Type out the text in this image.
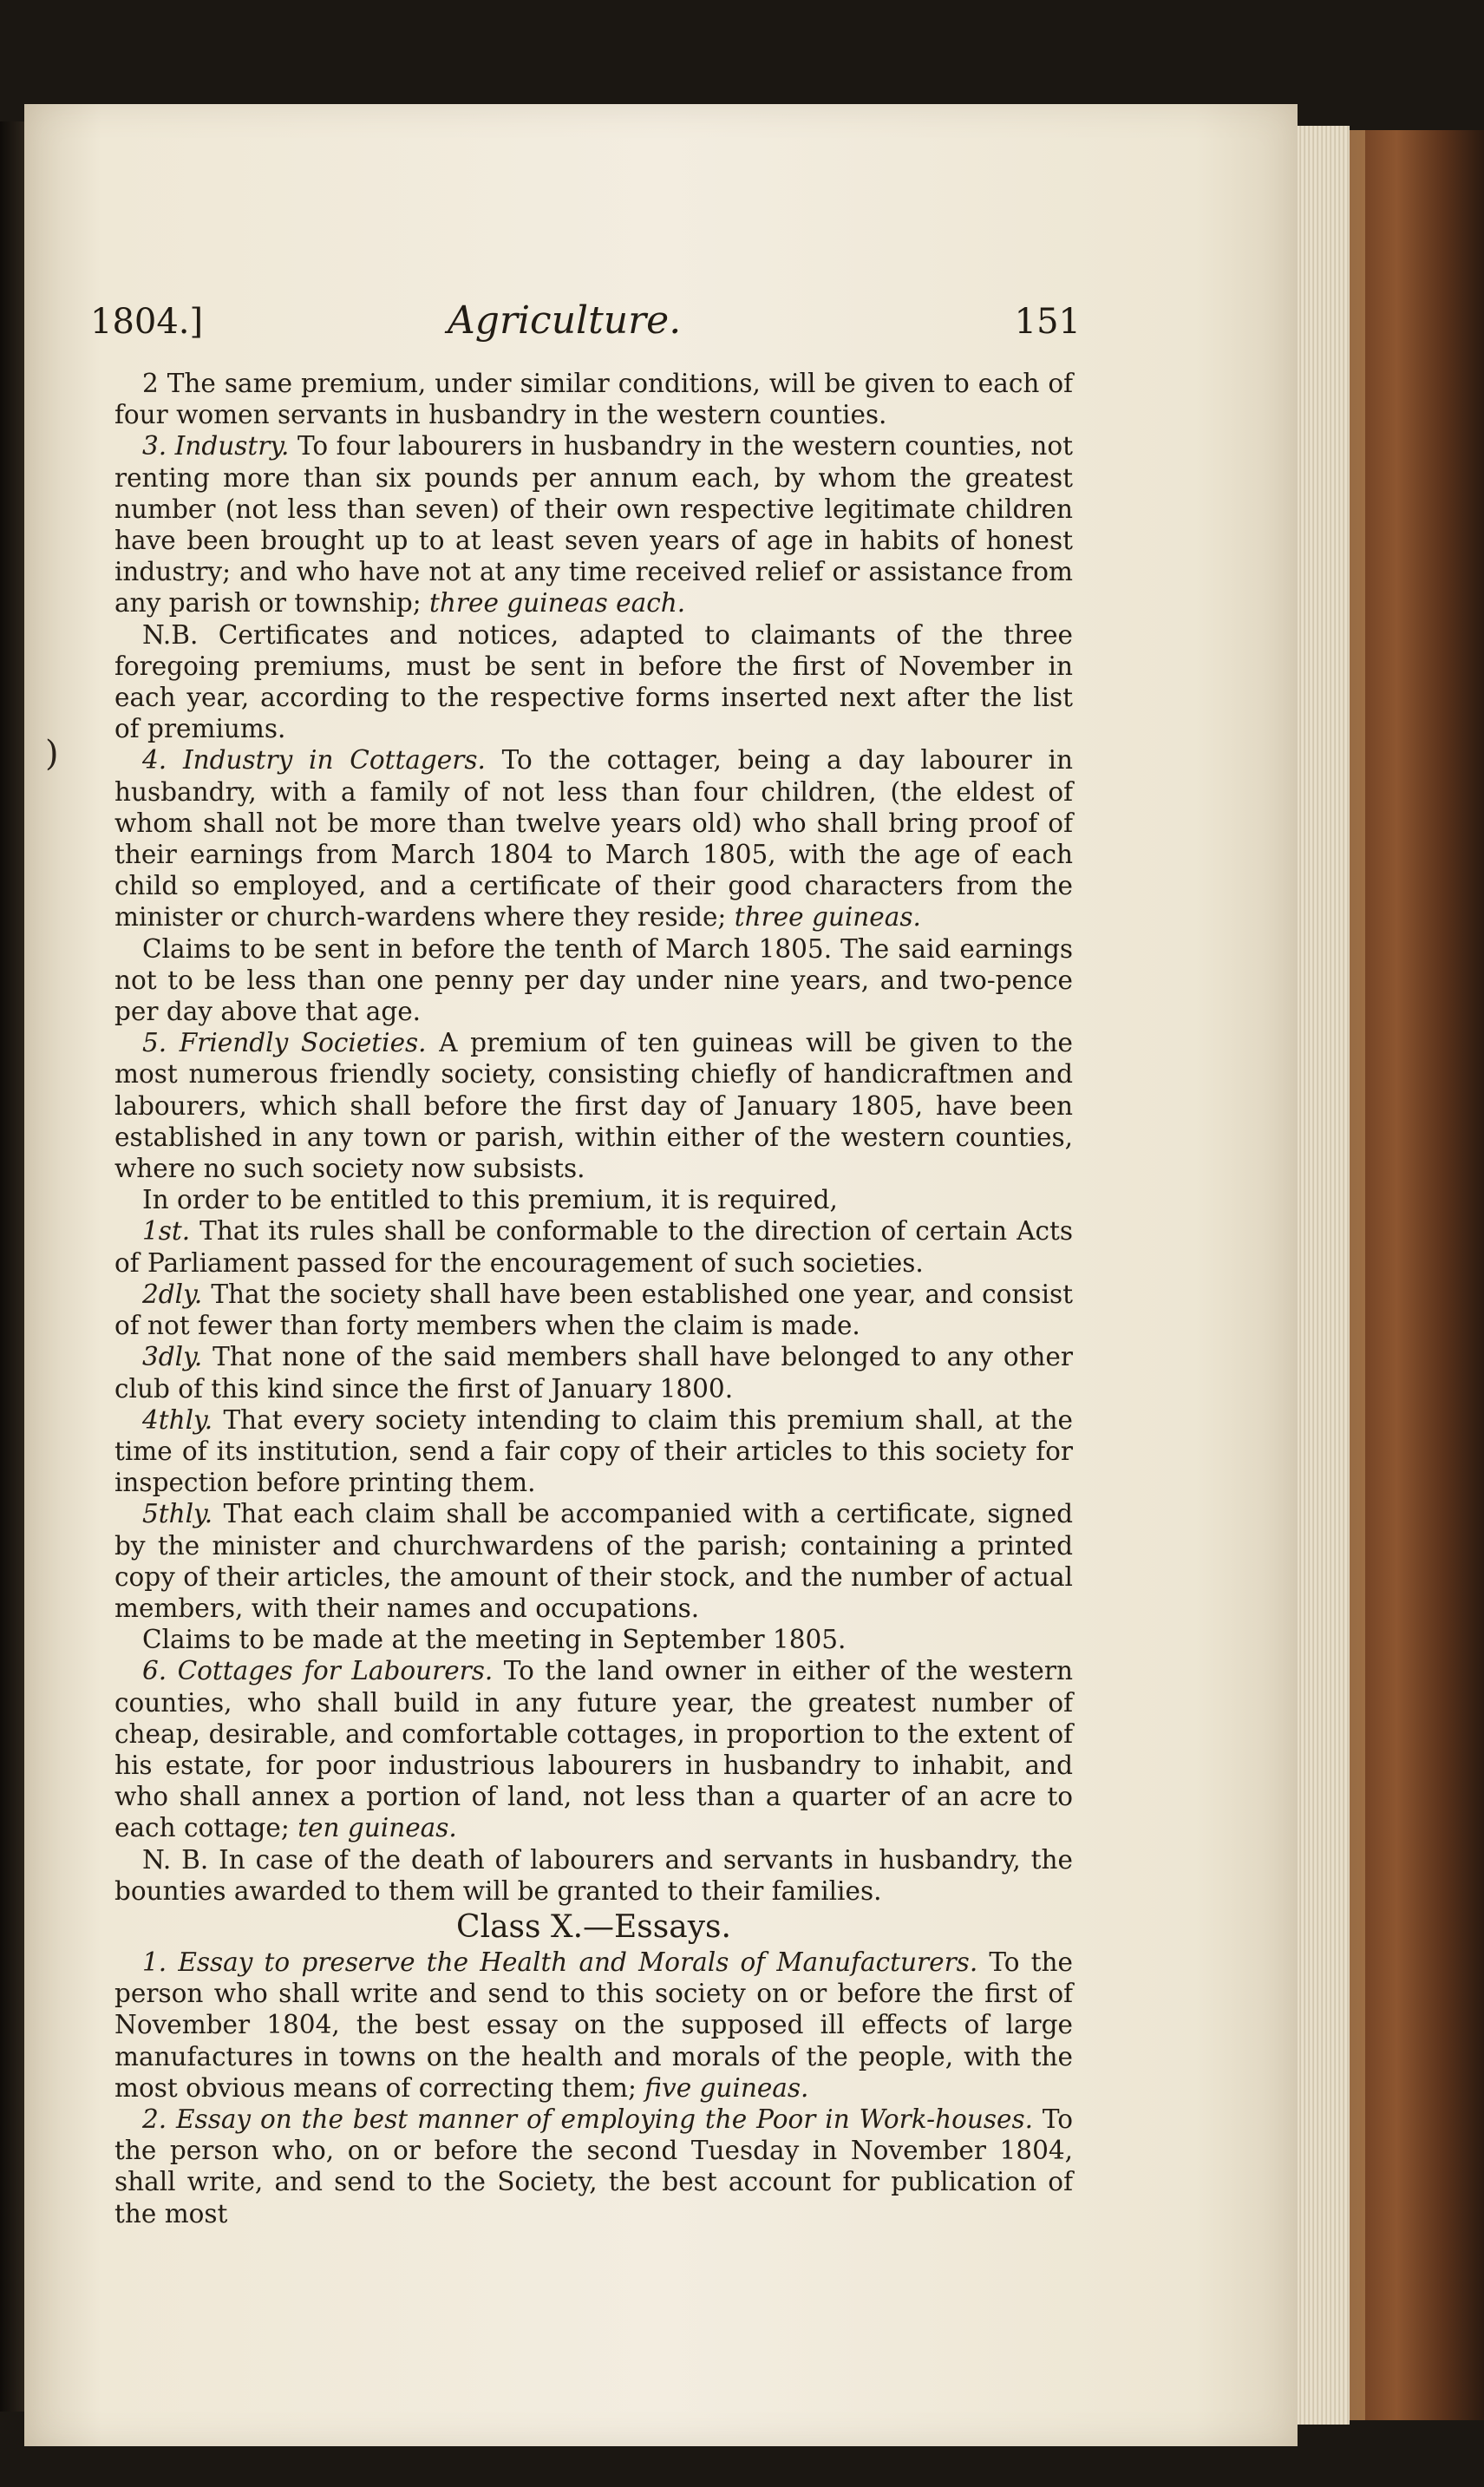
)
1804.]	Agriculture.	151

2 The same premium, under similar conditions, will be given to each of four women servants in husbandry in the western counties.

3. Industry. To four labourers in husbandry in the western counties, not renting more than six pounds per annum each, by whom the greatest number (not less than seven) of their own respective legitimate children have been brought up to at least seven years of age in habits of honest industry; and who have not at any time received relief or assistance from any parish or township; three guineas each.

N.B. Certificates and notices, adapted to claimants of the three foregoing premiums, must be sent in before the first of November in each year, according to the respective forms inserted next after the list of premiums.

4. Industry in Cottagers. To the cottager, being a day labourer in husbandry, with a family of not less than four children, (the eldest of whom shall not be more than twelve years old) who shall bring proof of their earnings from March 1804 to March 1805, with the age of each child so employed, and a certificate of their good characters from the minister or church-wardens where they reside; three guineas.

Claims to be sent in before the tenth of March 1805. The said earnings not to be less than one penny per day under nine years, and two-pence per day above that age.

5. Friendly Societies. A premium of ten guineas will be given to the most numerous friendly society, consisting chiefly of handicraftmen and labourers, which shall before the first day of January 1805, have been established in any town or parish, within either of the western counties, where no such society now subsists.

In order to be entitled to this premium, it is required,

1st. That its rules shall be conformable to the direction of certain Acts of Parliament passed for the encouragement of such societies.

2dly. That the society shall have been established one year, and consist of not fewer than forty members when the claim is made.

3dly. That none of the said members shall have belonged to any other club of this kind since the first of January 1800.

4thly. That every society intending to claim this premium shall, at the time of its institution, send a fair copy of their articles to this society for inspection before printing them.

5thly. That each claim shall be accompanied with a certificate, signed by the minister and churchwardens of the parish; containing a printed copy of their articles, the amount of their stock, and the number of actual members, with their names and occupations.

Claims to be made at the meeting in September 1805.

6. Cottages for Labourers. To the land owner in either of the western counties, who shall build in any future year, the greatest number of cheap, desirable, and comfortable cottages, in proportion to the extent of his estate, for poor industrious labourers in husbandry to inhabit, and who shall annex a portion of land, not less than a quarter of an acre to each cottage; ten guineas.

N. B. In case of the death of labourers and servants in husbandry, the bounties awarded to them will be granted to their families.

Class X.—Essays.

1. Essay to preserve the Health and Morals of Manufacturers. To the person who shall write and send to this society on or before the first of November 1804, the best essay on the supposed ill effects of large manufactures in towns on the health and morals of the people, with the most obvious means of correcting them; five guineas.

2. Essay on the best manner of employing the Poor in Work-houses. To the person who, on or before the second Tuesday in November 1804, shall write, and send to the Society, the best account for publication of the most
